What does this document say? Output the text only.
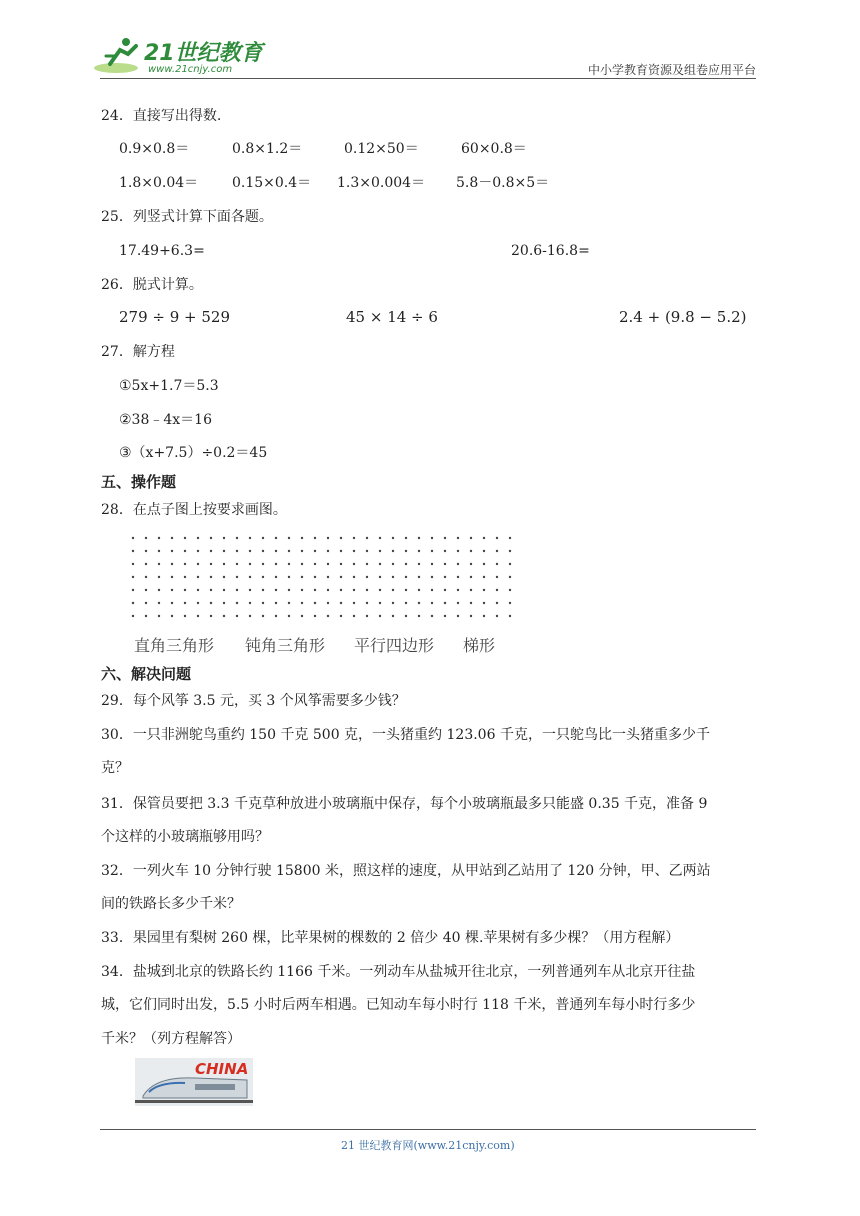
21世纪教育
www.21cnjy.com	中小学教育资源及组卷应用平台
24．直接写出得数.
0.9×0.8＝	0.8×1.2＝	0.12×50＝	60×0.8＝
1.8×0.04＝ 0.15×0.4＝ 1.3×0.004＝ 5.8－0.8×5＝
25．列竖式计算下面各题。
17.49+6.3=	20.6-16.8=
26．脱式计算。
279 ÷ 9 + 529	45 × 14 ÷ 6	2.4 + (9.8 − 5.2)
27．解方程
①5x+1.7＝5.3
②38﹣4x＝16
③（x+7.5）÷0.2＝45
五、操作题
28．在点子图上按要求画图。
直角三角形 钝角三角形 平行四边形 梯形
六、解决问题
29．每个风筝 3.5 元，买 3 个风筝需要多少钱？
30．一只非洲鸵鸟重约 150 千克 500 克，一头猪重约 123.06 千克，一只鸵鸟比一头猪重多少千
克？
31．保管员要把 3.3 千克草种放进小玻璃瓶中保存，每个小玻璃瓶最多只能盛 0.35 千克，准备 9
个这样的小玻璃瓶够用吗？
32．一列火车 10 分钟行驶 15800 米，照这样的速度，从甲站到乙站用了 120 分钟，甲、乙两站
间的铁路长多少千米？
33．果园里有梨树 260 棵，比苹果树的棵数的 2 倍少 40 棵.苹果树有多少棵？（用方程解）
34．盐城到北京的铁路长约 1166 千米。一列动车从盐城开往北京，一列普通列车从北京开往盐
城，它们同时出发，5.5 小时后两车相遇。已知动车每小时行 118 千米，普通列车每小时行多少
千米？（列方程解答）
CHINA
21 世纪教育网(www.21cnjy.com)
